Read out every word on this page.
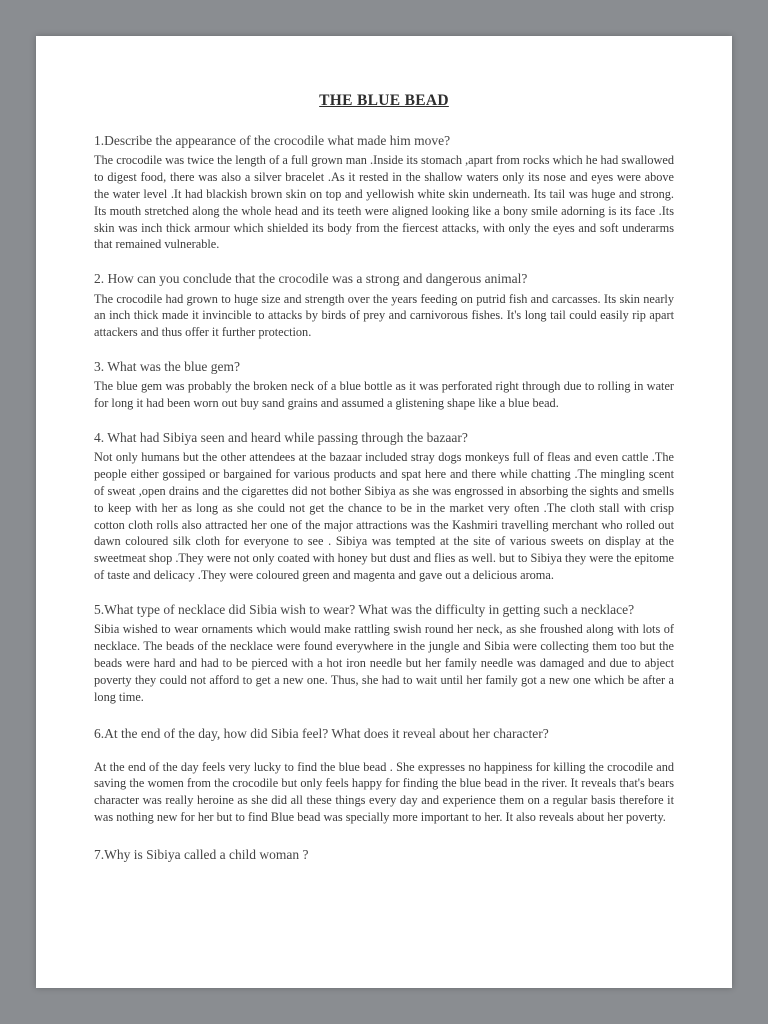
THE BLUE BEAD
1.Describe the appearance of the crocodile what made him move?
The crocodile was twice the length of a full grown man .Inside its stomach ,apart from rocks which he had swallowed to digest food, there was also a silver bracelet .As it rested in the shallow waters only its nose and eyes were above the water level .It had blackish brown skin on top and yellowish white skin underneath. Its tail was huge and strong. Its mouth stretched along the whole head and its teeth were aligned looking like a bony smile adorning is its face .Its skin was inch thick armour which shielded its body from the fiercest attacks, with only the eyes and soft underarms that remained vulnerable.
2. How can you conclude that the crocodile was a strong and dangerous animal?
The crocodile had grown to huge size and strength over the years feeding on putrid fish and carcasses. Its skin nearly an inch thick made it invincible to attacks by birds of prey and carnivorous fishes. It's long tail could easily rip apart attackers and thus offer it further protection.
3. What was the blue gem?
The blue gem was probably the broken neck of a blue bottle as it was perforated right through due to rolling in water for long it had been worn out buy sand grains and assumed a glistening shape like a blue bead.
4. What had Sibiya seen and heard while passing through the bazaar?
Not only humans but the other attendees at the bazaar included stray dogs monkeys full of fleas and even cattle .The people either gossiped or bargained for various products and spat here and there while chatting .The mingling scent of sweat ,open drains and the cigarettes did not bother Sibiya as she was engrossed in absorbing the sights and smells to keep with her as long as she could not get the chance to be in the market very often .The cloth stall with crisp cotton cloth rolls also attracted her one of the major attractions was the Kashmiri travelling merchant who rolled out dawn coloured silk cloth for everyone to see . Sibiya was tempted at the site of various sweets on display at the sweetmeat shop .They were not only coated with honey but dust and flies as well. but to Sibiya they were the epitome of taste and delicacy .They were coloured green and magenta and gave out a delicious aroma.
5.What type of necklace did Sibia wish to wear? What was the difficulty in getting such a necklace?
Sibia wished to wear ornaments which would make rattling swish round her neck, as she froushed along with lots of necklace. The beads of the necklace were found everywhere in the jungle and Sibia were collecting them too but the beads were hard and had to be pierced with a hot iron needle but her family needle was damaged and due to abject poverty they could not afford to get a new one. Thus, she had to wait until her family got a new one which be after a long time.
6.At the end of the day, how did Sibia feel? What does it reveal about her character?
At the end of the day feels very lucky to find the blue bead . She expresses no happiness for killing the crocodile and saving the women from the crocodile but only feels happy for finding the blue bead in the river. It reveals that's bears character was really heroine as she did all these things every day and experience them on a regular basis therefore it was nothing new for her but to find Blue bead was specially more important to her. It also reveals about her poverty.
7.Why is Sibiya called a child woman ?
